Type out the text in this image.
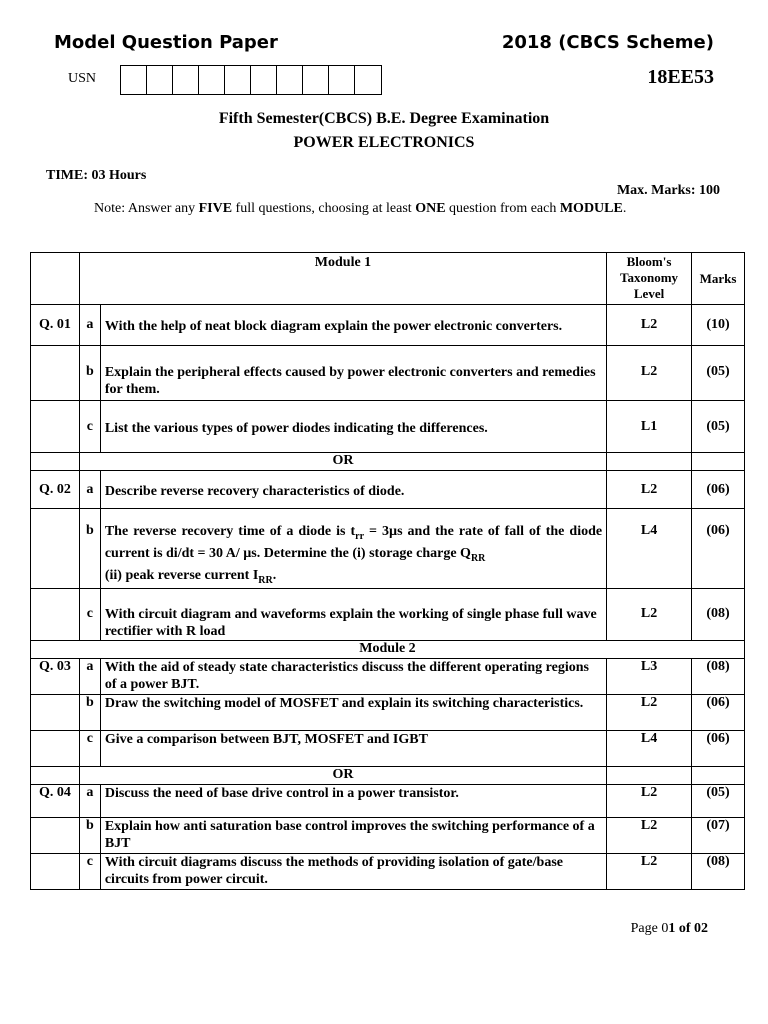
Model Question Paper	2018 (CBCS Scheme)
18EE53
USN
Fifth Semester(CBCS) B.E. Degree Examination
POWER ELECTRONICS
TIME: 03 Hours
Max. Marks: 100
Note: Answer any FIVE full questions, choosing at least ONE question from each MODULE.
	Module 1		Bloom's Taxonomy Level	Marks
Q. 01	a	With the help of neat block diagram explain the power electronic converters.	L2	(10)
	b	Explain the peripheral effects caused by power electronic converters and remedies for them.	L2	(05)
	c	List the various types of power diodes indicating the differences.	L1	(05)
	OR			
Q. 02	a	Describe reverse recovery characteristics of diode.	L2	(06)
	b	The reverse recovery time of a diode is $t_{rr} = 3\mu s$ and the rate of fall of the diode current is di/dt = 30 A/ µs. Determine the (i) storage charge $Q_{RR}$
(ii) peak reverse current $I_{RR}$.	L4	(06)
	c	With circuit diagram and waveforms explain the working of single phase full wave rectifier with R load	L2	(08)
Module 2				
Q. 03	a	With the aid of steady state characteristics discuss the different operating regions of a power BJT.	L3	(08)
	b	Draw the switching model of MOSFET and explain its switching characteristics.	L2	(06)
	c	Give a comparison between BJT, MOSFET and IGBT	L4	(06)
	OR			
Q. 04	a	Discuss the need of base drive control in a power transistor.	L2	(05)
	b	Explain how anti saturation base control improves the switching performance of a BJT	L2	(07)
	c	With circuit diagrams discuss the methods of providing isolation of gate/base circuits from power circuit.	L2	(08)
Page 01 of 02
